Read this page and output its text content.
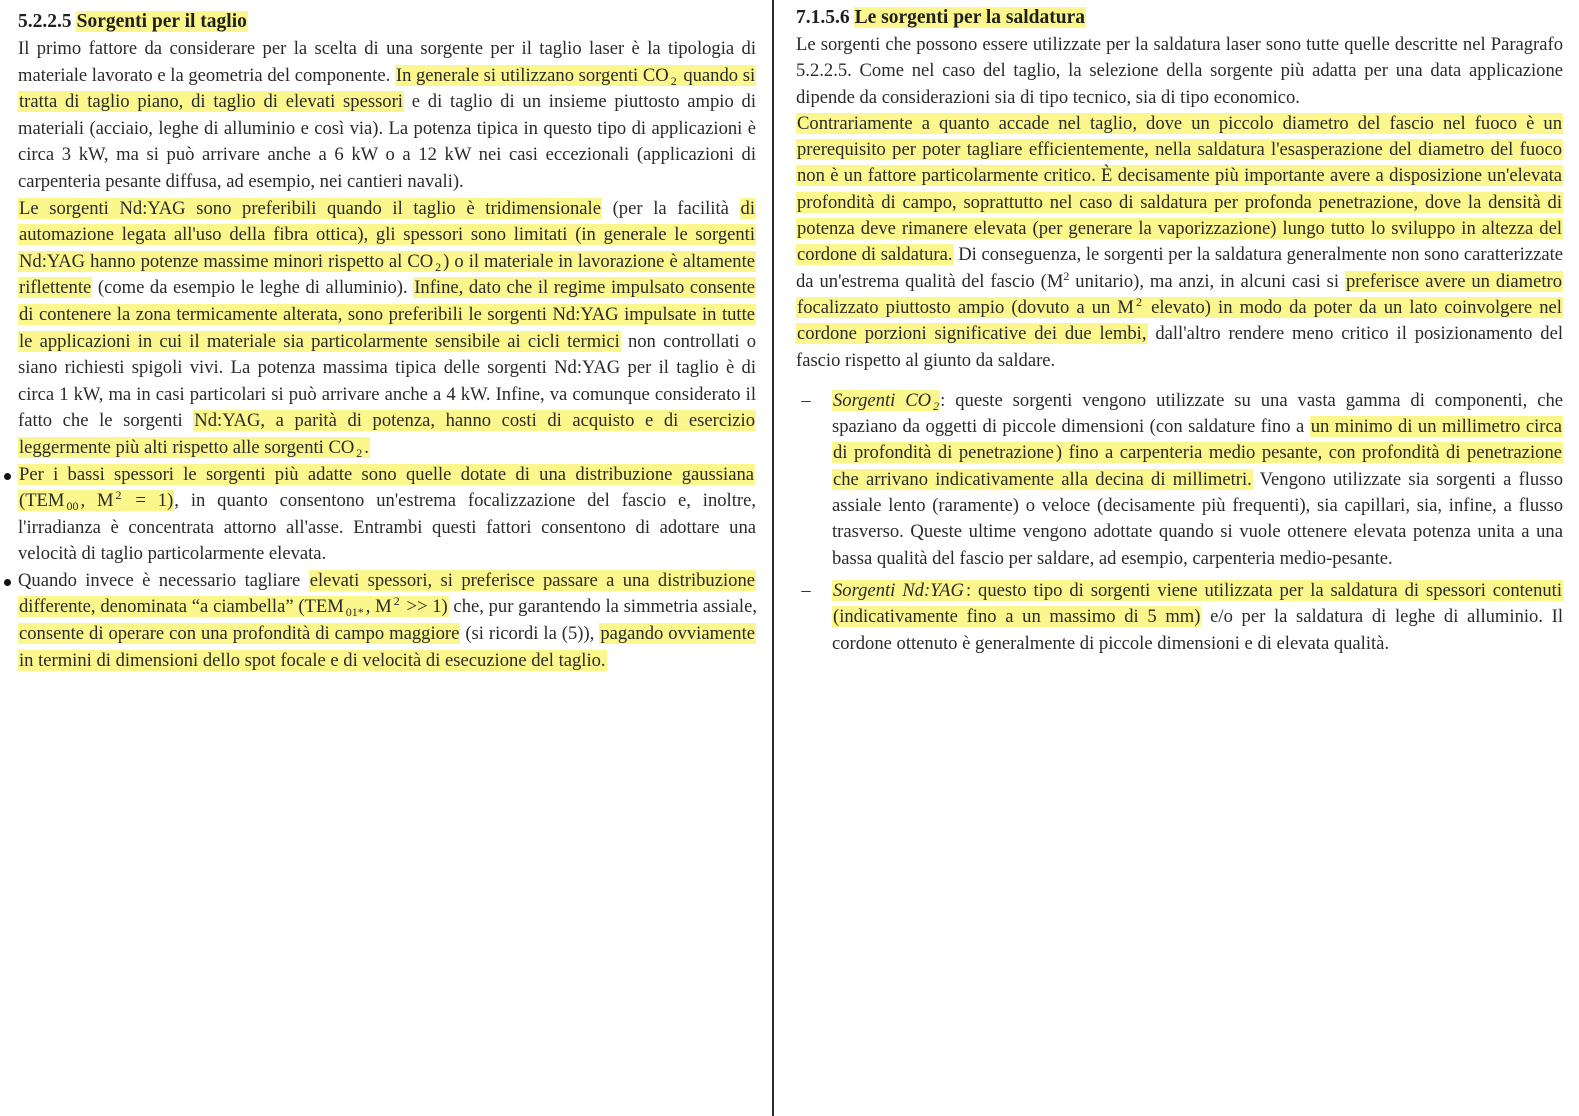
5.2.2.5 Sorgenti per il taglio

Il primo fattore da considerare per la scelta di una sorgente per il taglio laser è la tipologia di materiale lavorato e la geometria del componente. In generale si utilizzano sorgenti CO $_2$ quando si tratta di taglio piano, di taglio di elevati spessori e di taglio di un insieme piuttosto ampio di materiali (acciaio, leghe di alluminio e così via). La potenza tipica in questo tipo di applicazioni è circa 3 kW, ma si può arrivare anche a 6 kW o a 12 kW nei casi eccezionali (applicazioni di carpenteria pesante diffusa, ad esempio, nei cantieri navali).

Le sorgenti Nd:YAG sono preferibili quando il taglio è tridimensionale (per la facilità di automazione legata all'uso della fibra ottica), gli spessori sono limitati (in generale le sorgenti Nd:YAG hanno potenze massime minori rispetto al CO $_2$ ) o il materiale in lavorazione è altamente riflettente (come da esempio le leghe di alluminio). Infine, dato che il regime impulsato consente di contenere la zona termicamente alterata, sono preferibili le sorgenti Nd:YAG impulsate in tutte le applicazioni in cui il materiale sia particolarmente sensibile ai cicli termici non controllati o siano richiesti spigoli vivi. La potenza massima tipica delle sorgenti Nd:YAG per il taglio è di circa 1 kW, ma in casi particolari si può arrivare anche a 4 kW. Infine, va comunque considerato il fatto che le sorgenti Nd:YAG, a parità di potenza, hanno costi di acquisto e di esercizio leggermente più alti rispetto alle sorgenti CO $_2$ .

Per i bassi spessori le sorgenti più adatte sono quelle dotate di una distribuzione gaussiana (TEM $_{00}$ , M $^2$ = 1), in quanto consentono un'estrema focalizzazione del fascio e, inoltre, l'irradianza è concentrata attorno all'asse. Entrambi questi fattori consentono di adottare una velocità di taglio particolarmente elevata.

Quando invece è necessario tagliare elevati spessori, si preferisce passare a una distribuzione differente, denominata “a ciambella” (TEM $_{01*}$ , M $^2$ >> 1) che, pur garantendo la simmetria assiale, consente di operare con una profondità di campo maggiore (si ricordi la (5)), pagando ovviamente in termini di dimensioni dello spot focale e di velocità di esecuzione del taglio.

7.1.5.6 Le sorgenti per la saldatura

Le sorgenti che possono essere utilizzate per la saldatura laser sono tutte quelle descritte nel Paragrafo 5.2.2.5. Come nel caso del taglio, la selezione della sorgente più adatta per una data applicazione dipende da considerazioni sia di tipo tecnico, sia di tipo economico.

Contrariamente a quanto accade nel taglio, dove un piccolo diametro del fascio nel fuoco è un prerequisito per poter tagliare efficientemente, nella saldatura l'esasperazione del diametro del fuoco non è un fattore particolarmente critico. È decisamente più importante avere a disposizione un'elevata profondità di campo, soprattutto nel caso di saldatura per profonda penetrazione, dove la densità di potenza deve rimanere elevata (per generare la vaporizzazione) lungo tutto lo sviluppo in altezza del cordone di saldatura. Di conseguenza, le sorgenti per la saldatura generalmente non sono caratterizzate da un'estrema qualità del fascio ($M^2$ unitario), ma anzi, in alcuni casi si preferisce avere un diametro focalizzato piuttosto ampio (dovuto a un M $^2$ elevato) in modo da poter da un lato coinvolgere nel cordone porzioni significative dei due lembi, dall'altro rendere meno critico il posizionamento del fascio rispetto al giunto da saldare.

– Sorgenti CO $_2$: queste sorgenti vengono utilizzate su una vasta gamma di componenti, che spaziano da oggetti di piccole dimensioni (con saldature fino a un minimo di un millimetro circa di profondità di penetrazione ) fino a carpenteria medio pesante, con profondità di penetrazione che arrivano indicativamente alla decina di millimetri. Vengono utilizzate sia sorgenti a flusso assiale lento (raramente) o veloce (decisamente più frequenti), sia capillari, sia, infine, a flusso trasverso. Queste ultime vengono adottate quando si vuole ottenere elevata potenza unita a una bassa qualità del fascio per saldare, ad esempio, carpenteria medio-pesante.

– Sorgenti Nd:YAG : questo tipo di sorgenti viene utilizzata per la saldatura di spessori contenuti (indicativamente fino a un massimo di 5 mm) e/o per la saldatura di leghe di alluminio. Il cordone ottenuto è generalmente di piccole dimensioni e di elevata qualità.
